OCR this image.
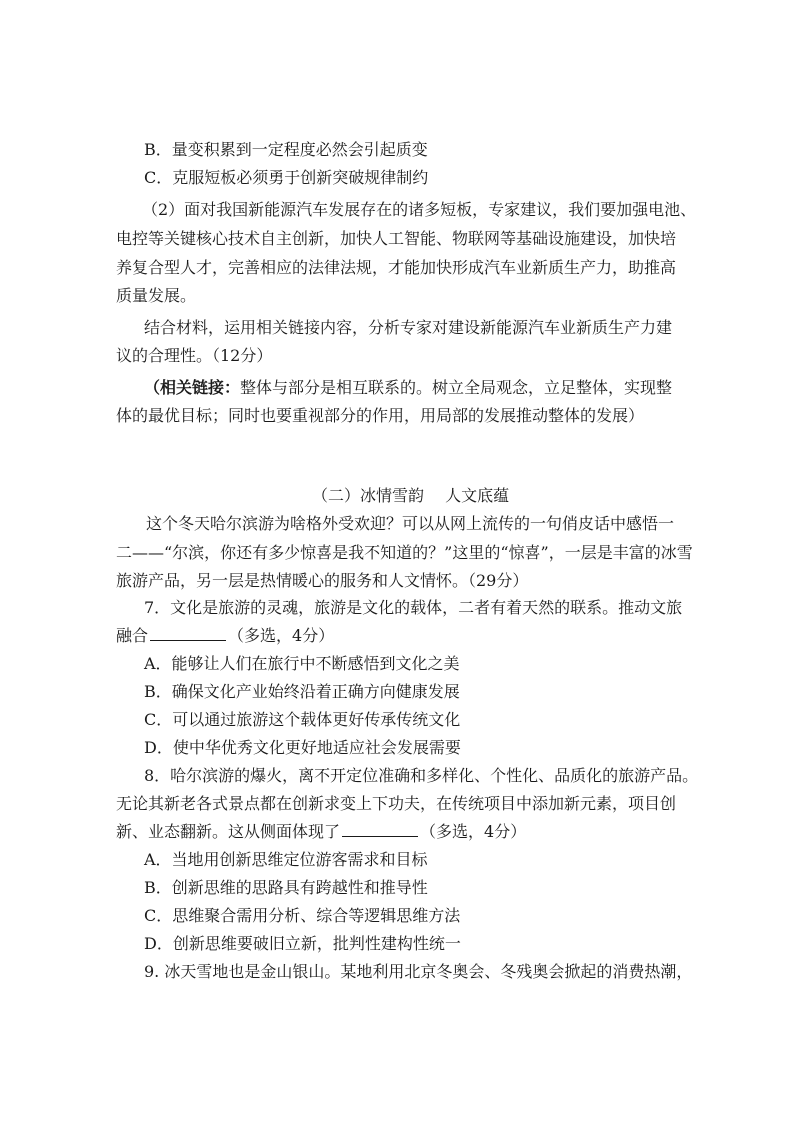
B．量变积累到一定程度必然会引起质变
C．克服短板必须勇于创新突破规律制约
（2）面对我国新能源汽车发展存在的诸多短板，专家建议，我们要加强电池、
电控等关键核心技术自主创新，加快人工智能、物联网等基础设施建设，加快培
养复合型人才，完善相应的法律法规，才能加快形成汽车业新质生产力，助推高
质量发展。
结合材料，运用相关链接内容，分析专家对建设新能源汽车业新质生产力建
议的合理性。（12分）
（相关链接：整体与部分是相互联系的。树立全局观念，立足整体，实现整
体的最优目标；同时也要重视部分的作用，用局部的发展推动整体的发展）
（二）冰情雪韵　 人文底蕴
这个冬天哈尔滨游为啥格外受欢迎？可以从网上流传的一句俏皮话中感悟一
二——“尔滨，你还有多少惊喜是我不知道的？”这里的“惊喜”，一层是丰富的冰雪
旅游产品，另一层是热情暖心的服务和人文情怀。（29分）
7．文化是旅游的灵魂，旅游是文化的载体，二者有着天然的联系。推动文旅
融合	（多选，4分）
A．能够让人们在旅行中不断感悟到文化之美
B．确保文化产业始终沿着正确方向健康发展
C．可以通过旅游这个载体更好传承传统文化
D．使中华优秀文化更好地适应社会发展需要
8．哈尔滨游的爆火，离不开定位准确和多样化、个性化、品质化的旅游产品。
无论其新老各式景点都在创新求变上下功夫，在传统项目中添加新元素，项目创
新、业态翻新。这从侧面体现了	（多选，4分）
A．当地用创新思维定位游客需求和目标
B．创新思维的思路具有跨越性和推导性
C．思维聚合需用分析、综合等逻辑思维方法
D．创新思维要破旧立新，批判性建构性统一
9. 冰天雪地也是金山银山。某地利用北京冬奥会、冬残奥会掀起的消费热潮，
